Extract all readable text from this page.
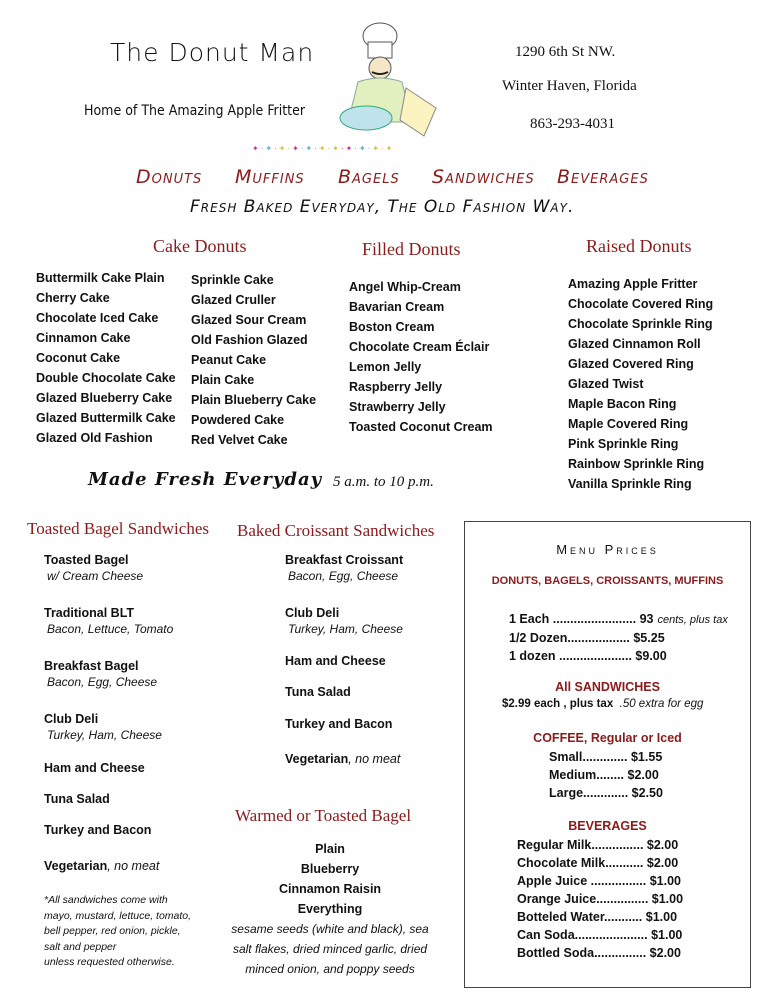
The Donut Man
Home of The Amazing Apple Fritter
1290 6th St NW.
Winter Haven, Florida
863-293-4031
✦·✦·✦·✦·✦·✦·✦·✦·✦·✦·✦
Donuts Muffins Bagels Sandwiches Beverages
Fresh Baked Everyday, The Old Fashion Way.
Cake Donuts	Filled Donuts	Raised Donuts
Buttermilk Cake Plain
Cherry Cake
Chocolate Iced Cake
Cinnamon Cake
Coconut Cake
Double Chocolate Cake
Glazed Blueberry Cake
Glazed Buttermilk Cake
Glazed Old Fashion
Sprinkle Cake
Glazed Cruller
Glazed Sour Cream
Old Fashion Glazed
Peanut Cake
Plain Cake
Plain Blueberry Cake
Powdered Cake
Red Velvet Cake
Angel Whip-Cream
Bavarian Cream
Boston Cream
Chocolate Cream Éclair
Lemon Jelly
Raspberry Jelly
Strawberry Jelly
Toasted Coconut Cream
Amazing Apple Fritter
Chocolate Covered Ring
Chocolate Sprinkle Ring
Glazed Cinnamon Roll
Glazed Covered Ring
Glazed Twist
Maple Bacon Ring
Maple Covered Ring
Pink Sprinkle Ring
Rainbow Sprinkle Ring
Vanilla Sprinkle Ring
Made Fresh Everyday 5 a.m. to 10 p.m.
Toasted Bagel Sandwiches Baked Croissant Sandwiches
Toasted Bagel
w/ Cream Cheese
Traditional BLT
Bacon, Lettuce, Tomato
Breakfast Bagel
Bacon, Egg, Cheese
Club Deli
Turkey, Ham, Cheese
Ham and Cheese
Tuna Salad
Turkey and Bacon
Vegetarian, no meat
Breakfast Croissant
Bacon, Egg, Cheese
Club Deli
Turkey, Ham, Cheese
Ham and Cheese
Tuna Salad
Turkey and Bacon
Vegetarian, no meat
*All sandwiches come with
mayo, mustard, lettuce, tomato,
bell pepper, red onion, pickle,
salt and pepper
unless requested otherwise.
Warmed or Toasted Bagel
Plain
Blueberry
Cinnamon Raisin
Everything
sesame seeds (white and black), sea
salt flakes, dried minced garlic, dried
minced onion, and poppy seeds
Menu Prices
DONUTS, BAGELS, CROISSANTS, MUFFINS
1 Each ........................ 93 cents, plus tax
1/2 Dozen.................. $5.25
1 dozen ..................... $9.00
All SANDWICHES
$2.99 each , plus tax .50 extra for egg
COFFEE, Regular or Iced
Small............. $1.55
Medium........ $2.00
Large............. $2.50
BEVERAGES
Regular Milk............... $2.00
Chocolate Milk........... $2.00
Apple Juice ................ $1.00
Orange Juice............... $1.00
Botteled Water........... $1.00
Can Soda..................... $1.00
Bottled Soda............... $2.00
